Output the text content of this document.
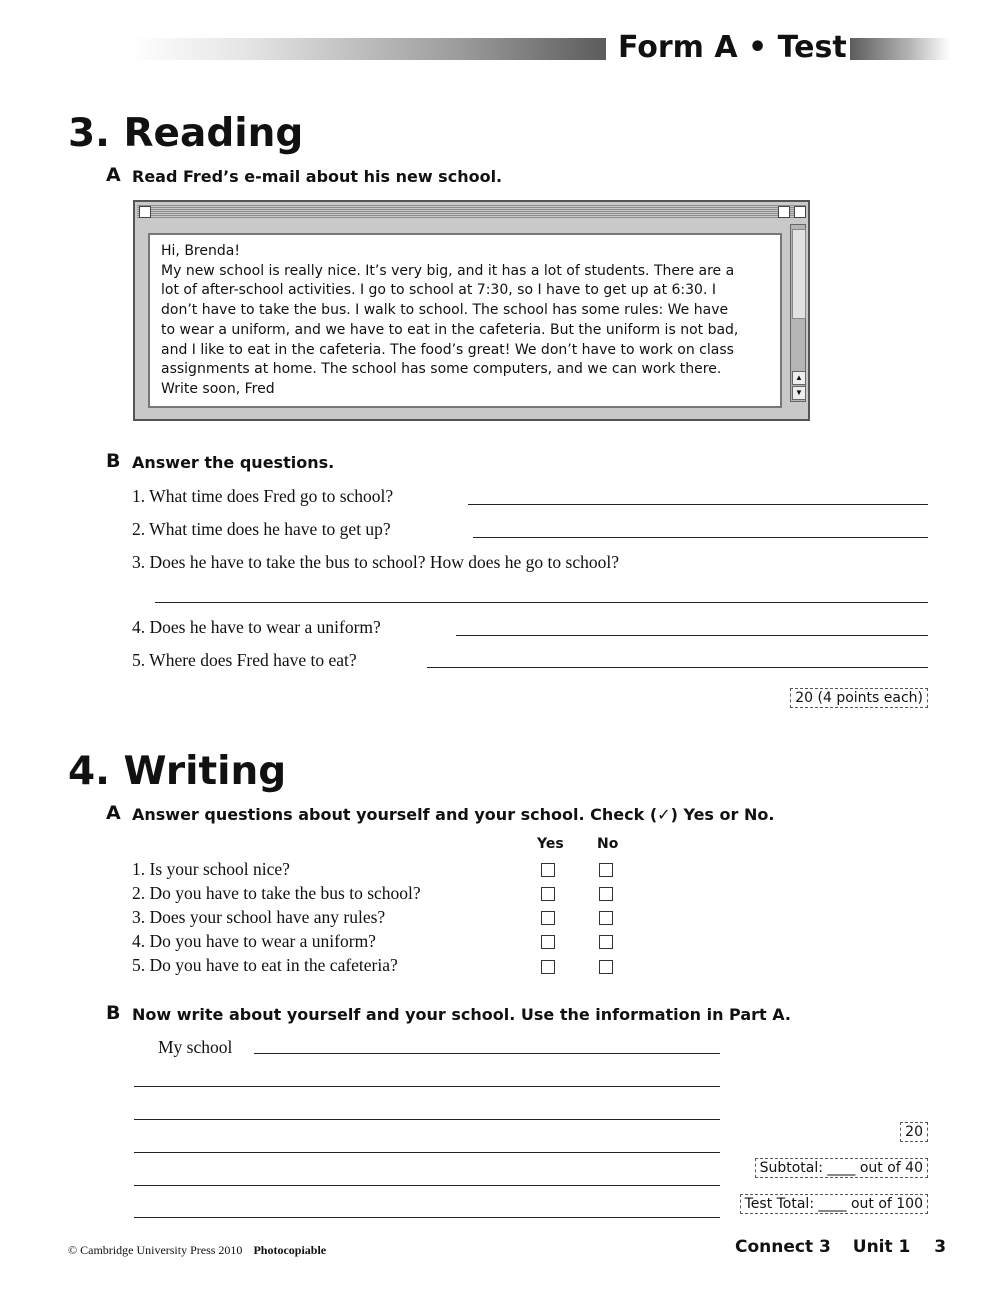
Form A • Test
3. Reading
A Read Fred’s e-mail about his new school.
▲
▼
Hi, Brenda!
My new school is really nice. It’s very big, and it has a lot of students. There are a
lot of after-school activities. I go to school at 7:30, so I have to get up at 6:30. I
don’t have to take the bus. I walk to school. The school has some rules: We have
to wear a uniform, and we have to eat in the cafeteria. But the uniform is not bad,
and I like to eat in the cafeteria. The food’s great! We don’t have to work on class
assignments at home. The school has some computers, and we can work there.
Write soon, Fred
B Answer the questions.
1. What time does Fred go to school?
2. What time does he have to get up?
3. Does he have to take the bus to school? How does he go to school?
4. Does he have to wear a uniform?
5. Where does Fred have to eat?
20 (4 points each)
4. Writing
A Answer questions about yourself and your school. Check (✓) Yes or No.
Yes No
1. Is your school nice?
2. Do you have to take the bus to school?
3. Does your school have any rules?
4. Do you have to wear a uniform?
5. Do you have to eat in the cafeteria?
B Now write about yourself and your school. Use the information in Part A.
My school
20
Subtotal: ____ out of 40
Test Total: ____ out of 100
© Cambridge University Press 2010 Photocopiable	Connect 3 Unit 1 3
